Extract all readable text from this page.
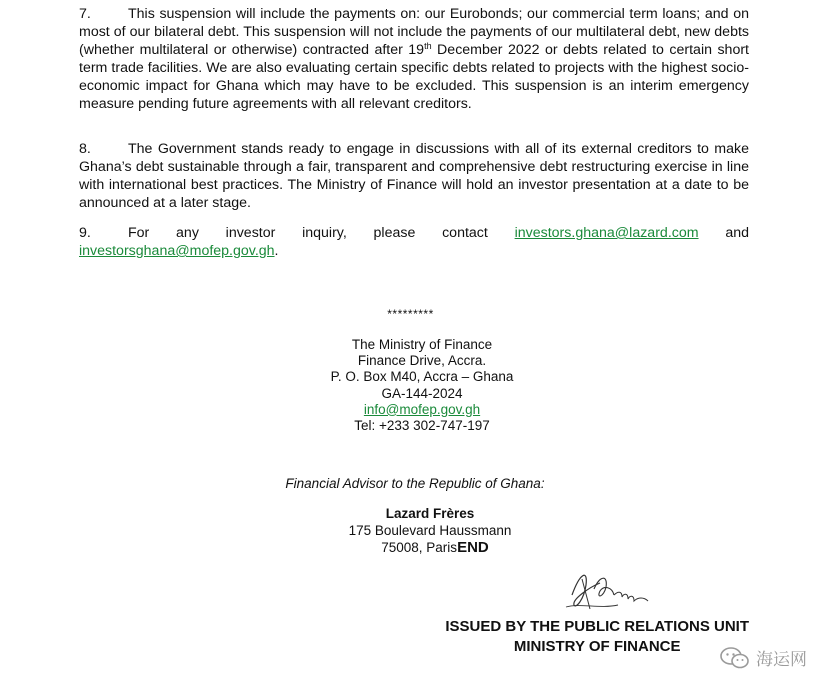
7.	This suspension will include the payments on: our Eurobonds; our commercial term loans; and on most of our bilateral debt. This suspension will not include the payments of our multilateral debt, new debts (whether multilateral or otherwise) contracted after 19th December 2022 or debts related to certain short term trade facilities. We are also evaluating certain specific debts related to projects with the highest socio-economic impact for Ghana which may have to be excluded. This suspension is an interim emergency measure pending future agreements with all relevant creditors.
8.	The Government stands ready to engage in discussions with all of its external creditors to make Ghana’s debt sustainable through a fair, transparent and comprehensive debt restructuring exercise in line with international best practices. The Ministry of Finance will hold an investor presentation at a date to be announced at a later stage.
9.	For any investor inquiry, please contact investors.ghana@lazard.com and
investorsghana@mofep.gov.gh.
*********
The Ministry of Finance
Finance Drive, Accra.
P. O. Box M40, Accra – Ghana
GA-144-2024
info@mofep.gov.gh
Tel: +233 302-747-197
Financial Advisor to the Republic of Ghana:
Lazard Frères
175 Boulevard Haussmann
75008, ParisEND
ISSUED BY THE PUBLIC RELATIONS UNIT
MINISTRY OF FINANCE
海运网
